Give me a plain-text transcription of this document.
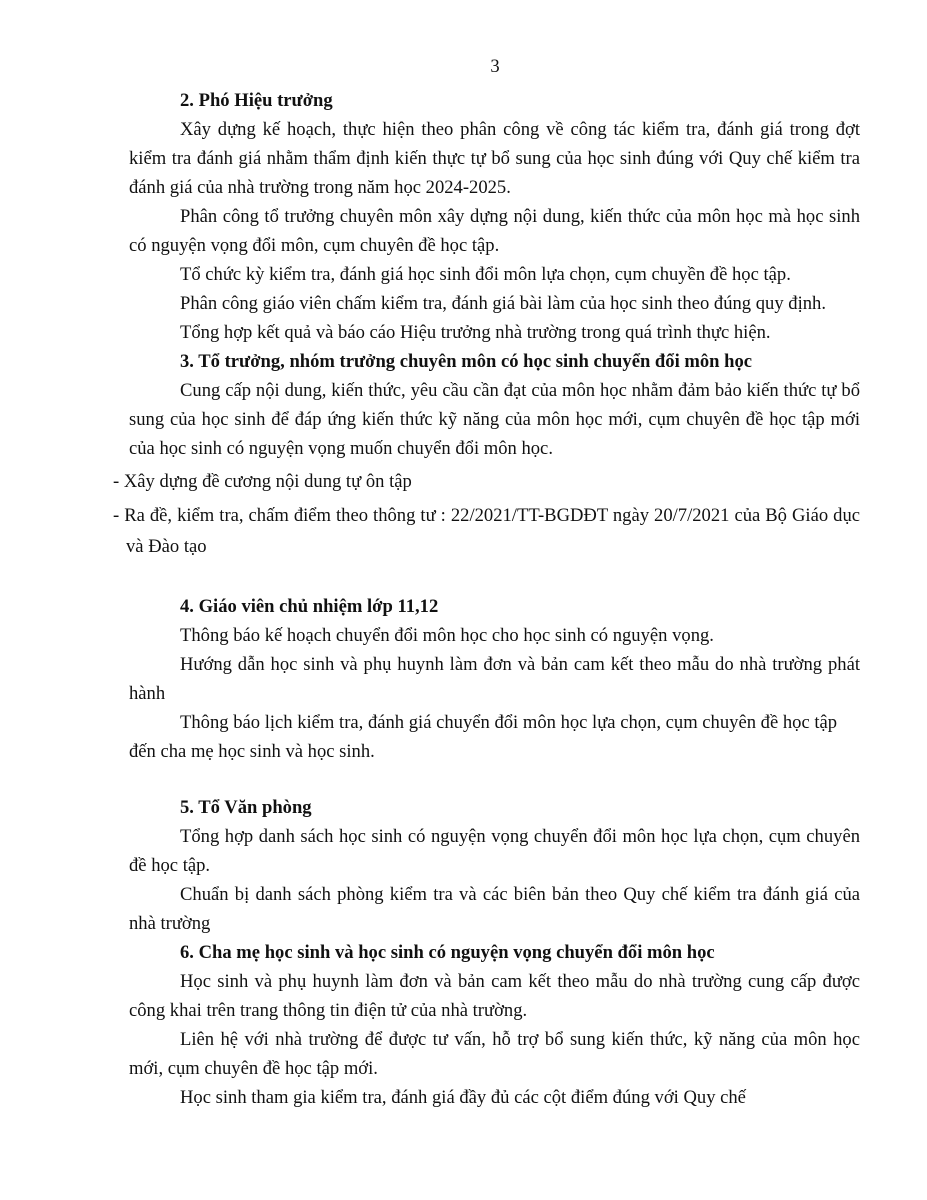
3

2. Phó Hiệu trưởng

Xây dựng kế hoạch, thực hiện theo phân công về công tác kiểm tra, đánh giá trong đợt kiểm tra đánh giá nhằm thẩm định kiến thực tự bổ sung của học sinh đúng với Quy chế kiểm tra đánh giá của nhà trường trong năm học 2024-2025.

Phân công tổ trưởng chuyên môn xây dựng nội dung, kiến thức của môn học mà học sinh có nguyện vọng đổi môn, cụm chuyên đề học tập.

Tổ chức kỳ kiểm tra, đánh giá học sinh đổi môn lựa chọn, cụm chuyền đề học tập.

Phân công giáo viên chấm kiểm tra, đánh giá bài làm của học sinh theo đúng quy định.

Tổng hợp kết quả và báo cáo Hiệu trưởng nhà trường trong quá trình thực hiện.

3. Tổ trưởng, nhóm trưởng chuyên môn có học sinh chuyển đổi môn học

Cung cấp nội dung, kiến thức, yêu cầu cần đạt của môn học nhằm đảm bảo kiến thức tự bổ sung của học sinh để đáp ứng kiến thức kỹ năng của môn học mới, cụm chuyên đề học tập mới của học sinh có nguyện vọng muốn chuyển đổi môn học.

- Xây dựng đề cương nội dung tự ôn tập
- Ra đề, kiểm tra, chấm điểm theo thông tư : 22/2021/TT-BGDĐT ngày 20/7/2021 của Bộ Giáo dục và Đào tạo

4. Giáo viên chủ nhiệm lớp 11,12

Thông báo kế hoạch chuyển đổi môn học cho học sinh có nguyện vọng.

Hướng dẫn học sinh và phụ huynh làm đơn và bản cam kết theo mẫu do nhà trường phát hành

Thông báo lịch kiểm tra, đánh giá chuyển đổi môn học lựa chọn, cụm chuyên đề học tập đến cha mẹ học sinh và học sinh.

5. Tổ Văn phòng

Tổng hợp danh sách học sinh có nguyện vọng chuyển đổi môn học lựa chọn, cụm chuyên đề học tập.

Chuẩn bị danh sách phòng kiểm tra và các biên bản theo Quy chế kiểm tra đánh giá của nhà trường

6. Cha mẹ học sinh và học sinh có nguyện vọng chuyển đổi môn học

Học sinh và phụ huynh làm đơn và bản cam kết theo mẫu do nhà trường cung cấp được công khai trên trang thông tin điện tử của nhà trường.

Liên hệ với nhà trường để được tư vấn, hỗ trợ bổ sung kiến thức, kỹ năng của môn học mới, cụm chuyên đề học tập mới.

Học sinh tham gia kiểm tra, đánh giá đầy đủ các cột điểm đúng với Quy chế
